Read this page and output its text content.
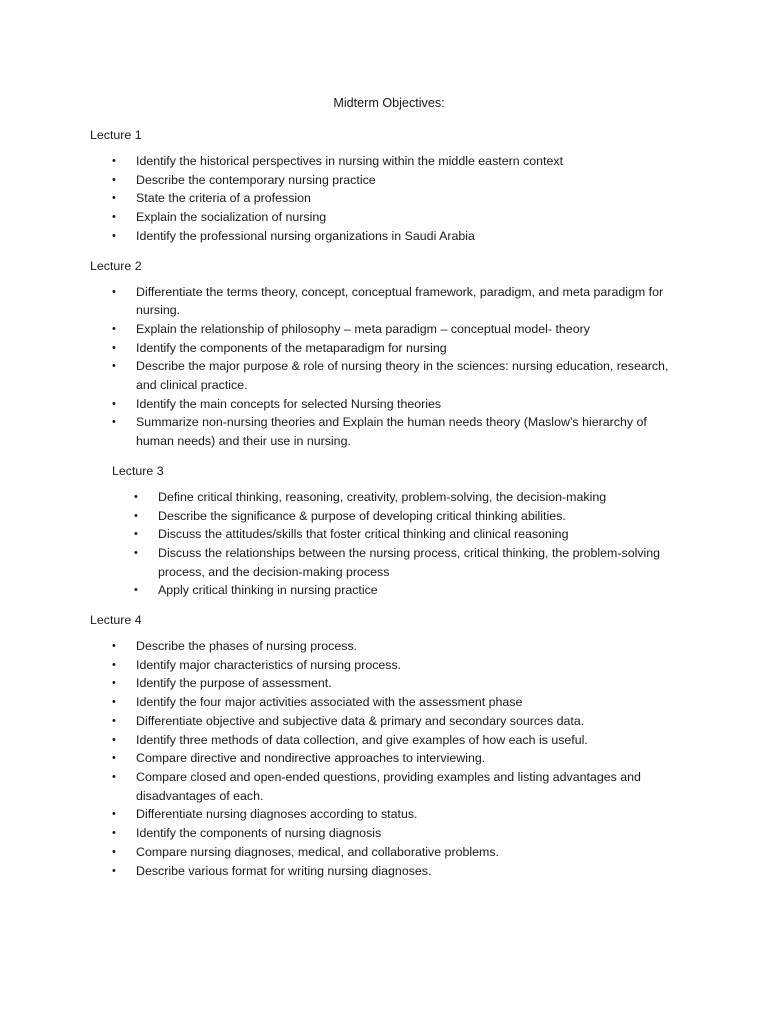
Midterm Objectives:
Lecture 1
• Identify the historical perspectives in nursing within the middle eastern context
• Describe the contemporary nursing practice
• State the criteria of a profession
• Explain the socialization of nursing
• Identify the professional nursing organizations in Saudi Arabia
Lecture 2
• Differentiate the terms theory, concept, conceptual framework, paradigm, and meta paradigm for nursing.
• Explain the relationship of philosophy – meta paradigm – conceptual model- theory
• Identify the components of the metaparadigm for nursing
• Describe the major purpose & role of nursing theory in the sciences: nursing education, research, and clinical practice.
• Identify the main concepts for selected Nursing theories
• Summarize non-nursing theories and Explain the human needs theory (Maslow’s hierarchy of human needs) and their use in nursing.
Lecture 3
• Define critical thinking, reasoning, creativity, problem-solving, the decision-making
• Describe the significance & purpose of developing critical thinking abilities.
• Discuss the attitudes/skills that foster critical thinking and clinical reasoning
• Discuss the relationships between the nursing process, critical thinking, the problem-solving process, and the decision-making process
• Apply critical thinking in nursing practice
Lecture 4
• Describe the phases of nursing process.
• Identify major characteristics of nursing process.
• Identify the purpose of assessment.
• Identify the four major activities associated with the assessment phase
• Differentiate objective and subjective data & primary and secondary sources data.
• Identify three methods of data collection, and give examples of how each is useful.
• Compare directive and nondirective approaches to interviewing.
• Compare closed and open-ended questions, providing examples and listing advantages and disadvantages of each.
• Differentiate nursing diagnoses according to status.
• Identify the components of nursing diagnosis
• Compare nursing diagnoses, medical, and collaborative problems.
• Describe various format for writing nursing diagnoses.
